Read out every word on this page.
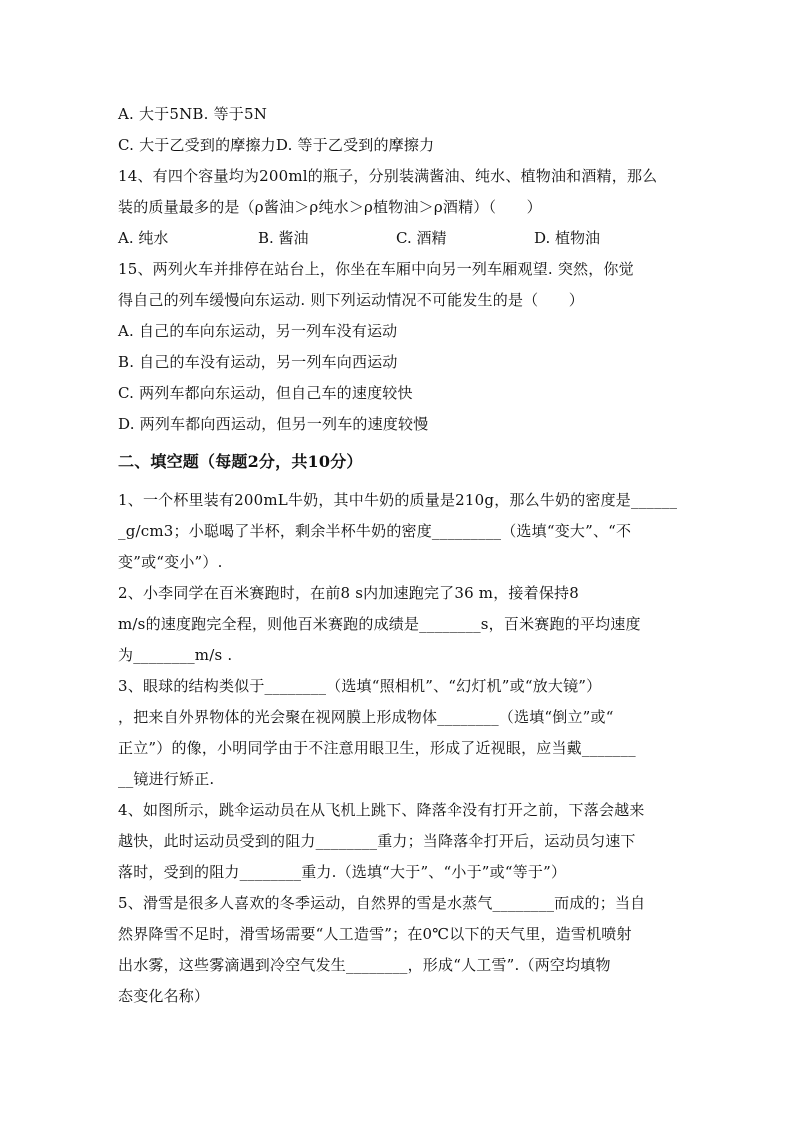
A. 大于5NB. 等于5N
C. 大于乙受到的摩擦力D. 等于乙受到的摩擦力
14、有四个容量均为200ml的瓶子，分别装满酱油、纯水、植物油和酒精，那么
装的质量最多的是（ρ酱油＞ρ纯水＞ρ植物油＞ρ酒精）（　　）
A. 纯水	B. 酱油	C. 酒精	D. 植物油
15、两列火车并排停在站台上，你坐在车厢中向另一列车厢观望. 突然，你觉
得自己的列车缓慢向东运动. 则下列运动情况不可能发生的是（　　）
A. 自己的车向东运动，另一列车没有运动
B. 自己的车没有运动，另一列车向西运动
C. 两列车都向东运动，但自己车的速度较快
D. 两列车都向西运动，但另一列车的速度较慢
二、填空题（每题2分，共10分）
1、一个杯里装有200mL牛奶，其中牛奶的质量是210g，那么牛奶的密度是______
_g/cm3；小聪喝了半杯，剩余半杯牛奶的密度_________（选填“变大”、“不
变”或“变小”）.
2、小李同学在百米赛跑时，在前8 s内加速跑完了36 m，接着保持8
m/s的速度跑完全程，则他百米赛跑的成绩是________s，百米赛跑的平均速度
为________m/s .
3、眼球的结构类似于________（选填“照相机”、“幻灯机”或“放大镜”）
，把来自外界物体的光会聚在视网膜上形成物体________（选填“倒立”或“
正立”）的像，小明同学由于不注意用眼卫生，形成了近视眼，应当戴_______
__镜进行矫正.
4、如图所示，跳伞运动员在从飞机上跳下、降落伞没有打开之前，下落会越来
越快，此时运动员受到的阻力________重力；当降落伞打开后，运动员匀速下
落时，受到的阻力________重力.（选填“大于”、“小于”或“等于”）
5、滑雪是很多人喜欢的冬季运动，自然界的雪是水蒸气________而成的；当自
然界降雪不足时，滑雪场需要“人工造雪”；在0℃以下的天气里，造雪机喷射
出水雾，这些雾滴遇到冷空气发生________，形成“人工雪”.（两空均填物
态变化名称）
